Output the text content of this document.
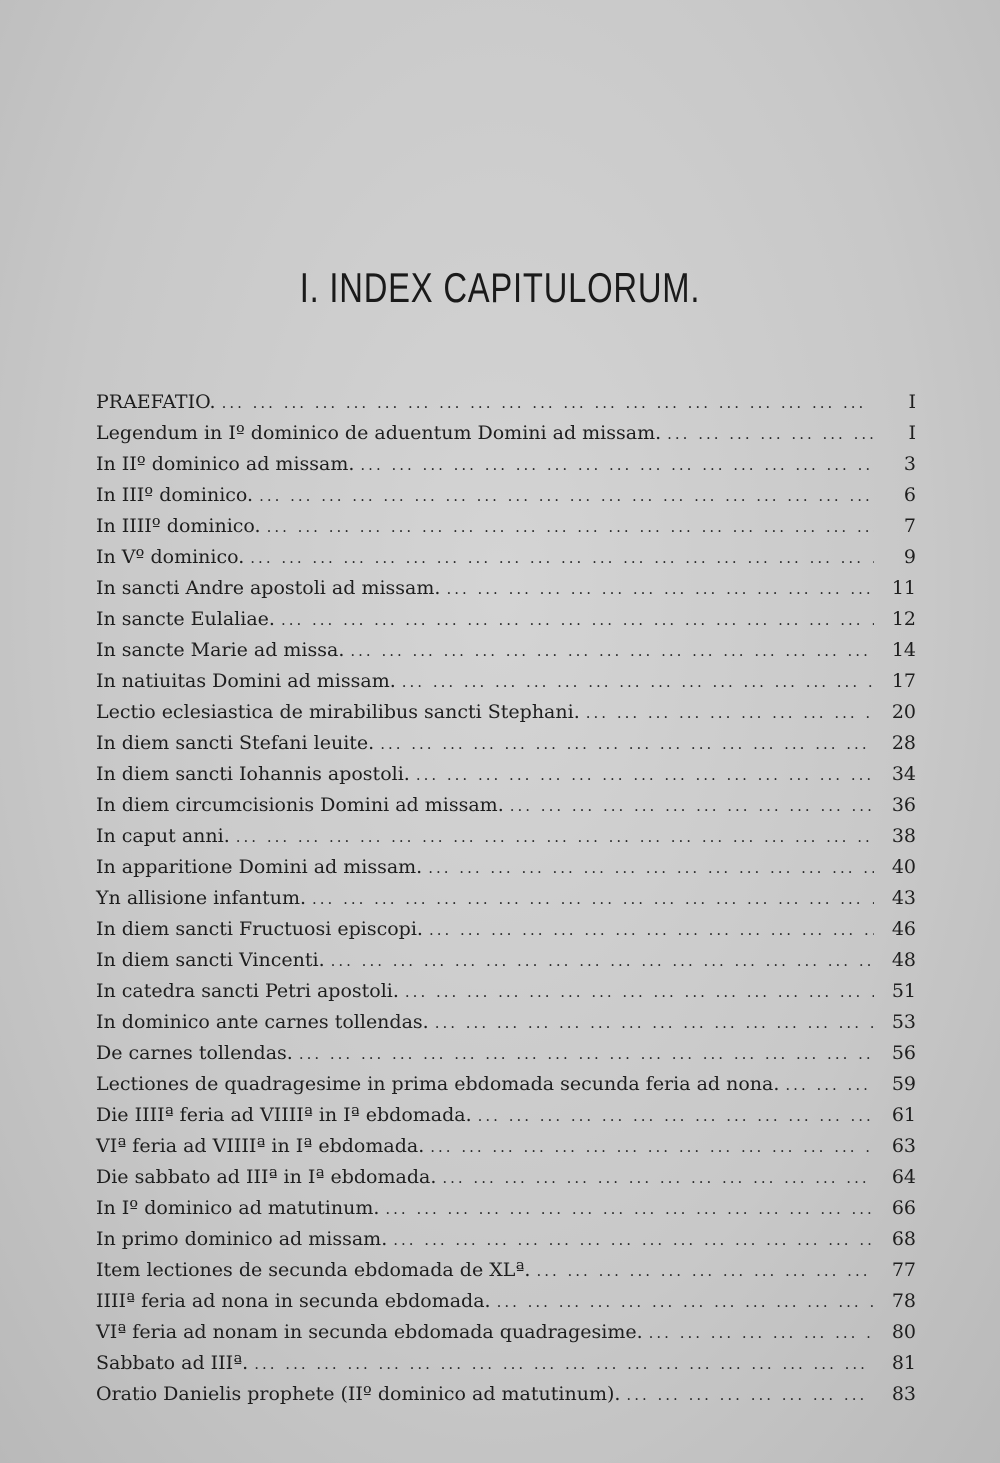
I. INDEX CAPITULORUM.
PRAEFATIO. ... .	I
Legendum in Iº dominico de aduentum Domini ad missam. ... .	I
In IIº dominico ad missam. ... .	3
In IIIº dominico. ... .	6
In IIIIº dominico. ... .	7
In Vº dominico. ... .	9
In sancti Andre apostoli ad missam. ... .	11
In sancte Eulaliae. ... .	12
In sancte Marie ad missa. ... .	14
In natiuitas Domini ad missam. ... .	17
Lectio eclesiastica de mirabilibus sancti Stephani. ... .	20
In diem sancti Stefani leuite. ... .	28
In diem sancti Iohannis apostoli. ... .	34
In diem circumcisionis Domini ad missam. ... .	36
In caput anni. ... .	38
In apparitione Domini ad missam. ... .	40
Yn allisione infantum. ... .	43
In diem sancti Fructuosi episcopi. ... .	46
In diem sancti Vincenti. ... .	48
In catedra sancti Petri apostoli. ... .	51
In dominico ante carnes tollendas. ... .	53
De carnes tollendas. ... .	56
Lectiones de quadragesime in prima ebdomada secunda feria ad nona. ... .	59
Die IIIIª feria ad VIIIIª in Iª ebdomada. ... .	61
VIª feria ad VIIIIª in Iª ebdomada. ... .	63
Die sabbato ad IIIª in Iª ebdomada. ... .	64
In Iº dominico ad matutinum. ... .	66
In primo dominico ad missam. ... .	68
Item lectiones de secunda ebdomada de XLª. ... .	77
IIIIª feria ad nona in secunda ebdomada. ... .	78
VIª feria ad nonam in secunda ebdomada quadragesime. ... .	80
Sabbato ad IIIª. ... .	81
Oratio Danielis prophete (IIº dominico ad matutinum). ... .	83
